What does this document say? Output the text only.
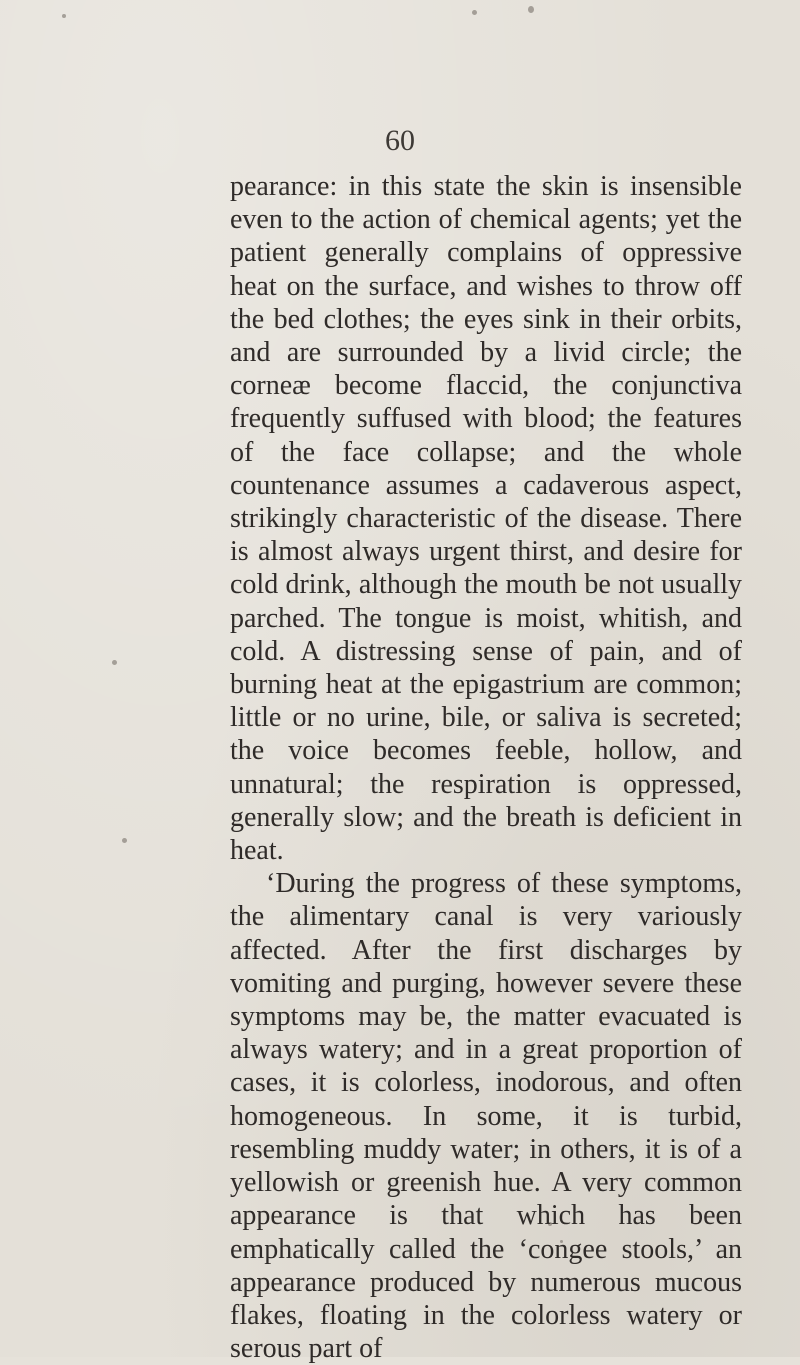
60

pearance: in this state the skin is insensible even to the action of chemical agents; yet the patient generally complains of oppressive heat on the surface, and wishes to throw off the bed clothes; the eyes sink in their orbits, and are surrounded by a livid circle; the corneæ become flaccid, the conjunctiva frequently suffused with blood; the features of the face collapse; and the whole countenance assumes a cadaverous aspect, strikingly characteristic of the disease. There is almost always urgent thirst, and desire for cold drink, although the mouth be not usually parched. The tongue is moist, whitish, and cold. A distressing sense of pain, and of burning heat at the epigastrium are common; little or no urine, bile, or saliva is secreted; the voice becomes feeble, hollow, and unnatural; the respiration is oppressed, generally slow; and the breath is deficient in heat.

‘During the progress of these symptoms, the alimentary canal is very variously affected. After the first discharges by vomiting and purging, however severe these symptoms may be, the matter evacuated is always watery; and in a great proportion of cases, it is colorless, inodorous, and often homogeneous. In some, it is turbid, resembling muddy water; in others, it is of a yellowish or greenish hue. A very common appearance is that which has been emphatically called the ‘congee stools,’ an appearance produced by numerous mucous flakes, floating in the colorless watery or serous part of
